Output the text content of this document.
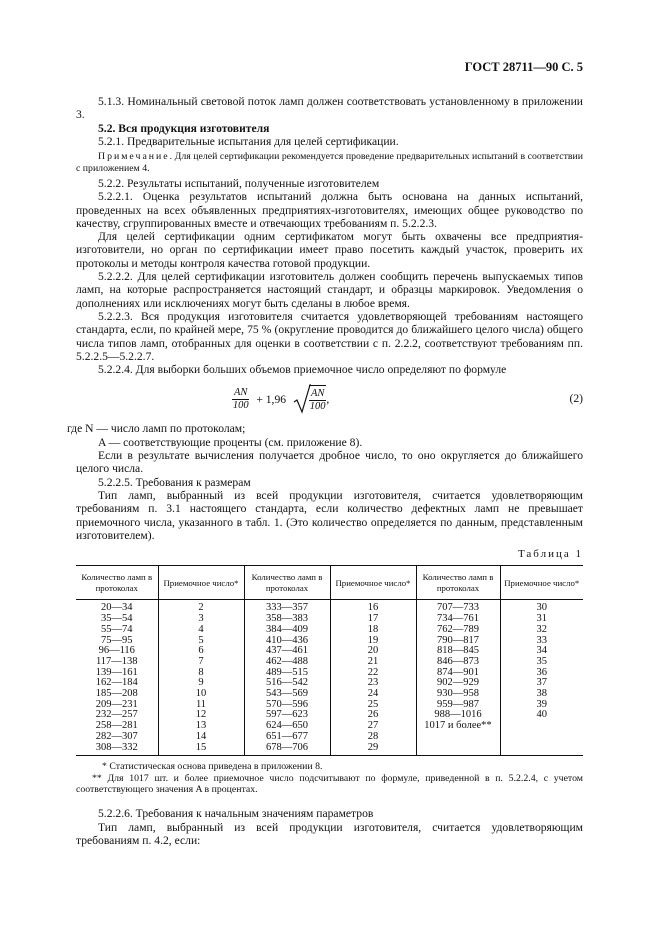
ГОСТ 28711—90 С. 5

5.1.3. Номинальный световой поток ламп должен соответствовать установленному в приложении 3.

5.2. Вся продукция изготовителя

5.2.1. Предварительные испытания для целей сертификации.

Примечание. Для целей сертификации рекомендуется проведение предварительных испытаний в соответствии с приложением 4.

5.2.2. Результаты испытаний, полученные изготовителем

5.2.2.1. Оценка результатов испытаний должна быть основана на данных испытаний, проведенных на всех объявленных предприятиях-изготовителях, имеющих общее руководство по качеству, сгруппированных вместе и отвечающих требованиям п. 5.2.2.3.

Для целей сертификации одним сертификатом могут быть охвачены все предприятия-изготовители, но орган по сертификации имеет право посетить каждый участок, проверить их протоколы и методы контроля качества готовой продукции.

5.2.2.2. Для целей сертификации изготовитель должен сообщить перечень выпускаемых типов ламп, на которые распространяется настоящий стандарт, и образцы маркировок. Уведомления о дополнениях или исключениях могут быть сделаны в любое время.

5.2.2.3. Вся продукция изготовителя считается удовлетворяющей требованиям настоящего стандарта, если, по крайней мере, 75 % (округление проводится до ближайшего целого числа) общего числа типов ламп, отобранных для оценки в соответствии с п. 2.2.2, соответствуют требованиям пп. 5.2.2.5—5.2.2.7.

5.2.2.4. Для выборки больших объемов приемочное число определяют по формуле

$\frac{AN}{100} + 1,96 \frac{AN}{100}$ ,	(2)

где N — число ламп по протоколам;

A — соответствующие проценты (см. приложение 8).

Если в результате вычисления получается дробное число, то оно округляется до ближайшего целого числа.

5.2.2.5. Требования к размерам

Тип ламп, выбранный из всей продукции изготовителя, считается удовлетворяющим требованиям п. 3.1 настоящего стандарта, если количество дефектных ламп не превышает приемочного числа, указанного в табл. 1. (Это количество определяется по данным, представленным изготовителем).

Таблица 1
Количество ламп в протоколах	Приемочное число*	Количество ламп в протоколах	Приемочное число*	Количество ламп в протоколах	Приемочное число*
20—34	2	333—357	16	707—733	30
35—54	3	358—383	17	734—761	31
55—74	4	384—409	18	762—789	32
75—95	5	410—436	19	790—817	33
96—116	6	437—461	20	818—845	34
117—138	7	462—488	21	846—873	35
139—161	8	489—515	22	874—901	36
162—184	9	516—542	23	902—929	37
185—208	10	543—569	24	930—958	38
209—231	11	570—596	25	959—987	39
232—257	12	597—623	26	988—1016	40
258—281	13	624—650	27	1017 и более**	
282—307	14	651—677	28		
308—332	15	678—706	29		

* Статистическая основа приведена в приложении 8.

** Для 1017 шт. и более приемочное число подсчитывают по формуле, приведенной в п. 5.2.2.4, с учетом соответствующего значения A в процентах.

5.2.2.6. Требования к начальным значениям параметров

Тип ламп, выбранный из всей продукции изготовителя, считается удовлетворяющим требованиям п. 4.2, если:
